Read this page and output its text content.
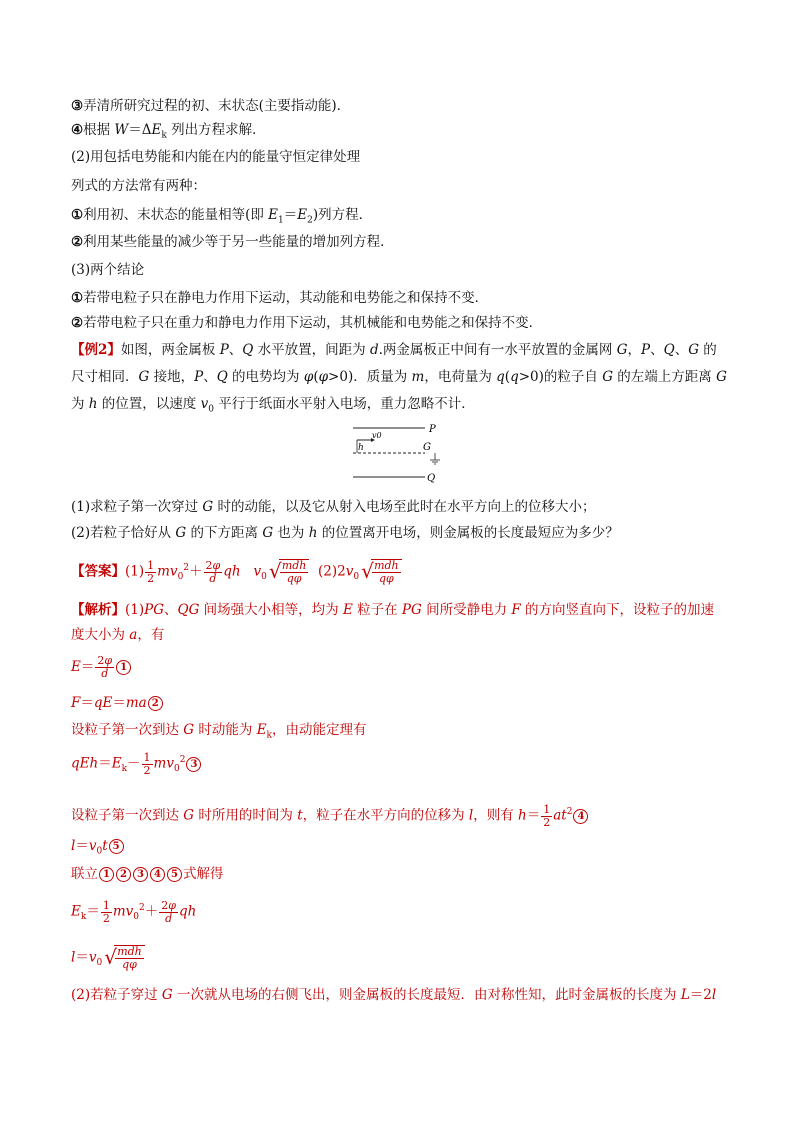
③弄清所研究过程的初、末状态(主要指动能)．
④根据 $W=\Delta E_k$ 列出方程求解．
(2)用包括电势能和内能在内的能量守恒定律处理
列式的方法常有两种：
①利用初、末状态的能量相等(即 $E_1=E_2$)列方程．
②利用某些能量的减少等于另一些能量的增加列方程．
(3)两个结论
①若带电粒子只在静电力作用下运动，其动能和电势能之和保持不变．
②若带电粒子只在重力和静电力作用下运动，其机械能和电势能之和保持不变．
【例2】如图，两金属板 P、Q 水平放置，间距为 d.两金属板正中间有一水平放置的金属网 G，P、Q、G 的
尺寸相同．G 接地，P、Q 的电势均为 φ(φ>0)．质量为 m，电荷量为 q(q>0)的粒子自 G 的左端上方距离 G
为 h 的位置，以速度 $v_0$ 平行于纸面水平射入电场，重力忽略不计．
P
v0
h	G
Q
(1)求粒子第一次穿过 G 时的动能，以及它从射入电场至此时在水平方向上的位移大小；
(2)若粒子恰好从 G 的下方距离 G 也为 h 的位置离开电场，则金属板的长度最短应为多少？
【答案】$(1) \frac{1}{2} mv_0^2+ \frac{2\varphi}{d}$ qh $v_0$ √ $\frac{\text{mdh}}{q\varphi} (2)2v_0$ √ $\frac{\text{mdh}}{q\varphi}$
【解析】(1)PG、QG 间场强大小相等，均为 E 粒子在 PG 间所受静电力 F 的方向竖直向下，设粒子的加速
度大小为 a，有
$E= \frac{2\varphi}{d} 1$
F＝qE＝ma 2
设粒子第一次到达 G 时动能为 $E_k$，由动能定理有
$qEh=E_k- \frac{1}{2} mv_0^2$ 3
设粒子第一次到达 G 时所用的时间为 t，粒子在水平方向的位移为 l，则有 $h= \frac{1}{2} at^2$ 4
$l=v_0t$ 5
联立 1 2 3 4 5 式解得
$E_k= \frac{1}{2} mv_0^2+ \frac{2\varphi}{d}$ qh
$l=v_0$ √ $\frac{\text{mdh}}{q\varphi}$
(2)若粒子穿过 G 一次就从电场的右侧飞出，则金属板的长度最短．由对称性知，此时金属板的长度为 L＝2l
